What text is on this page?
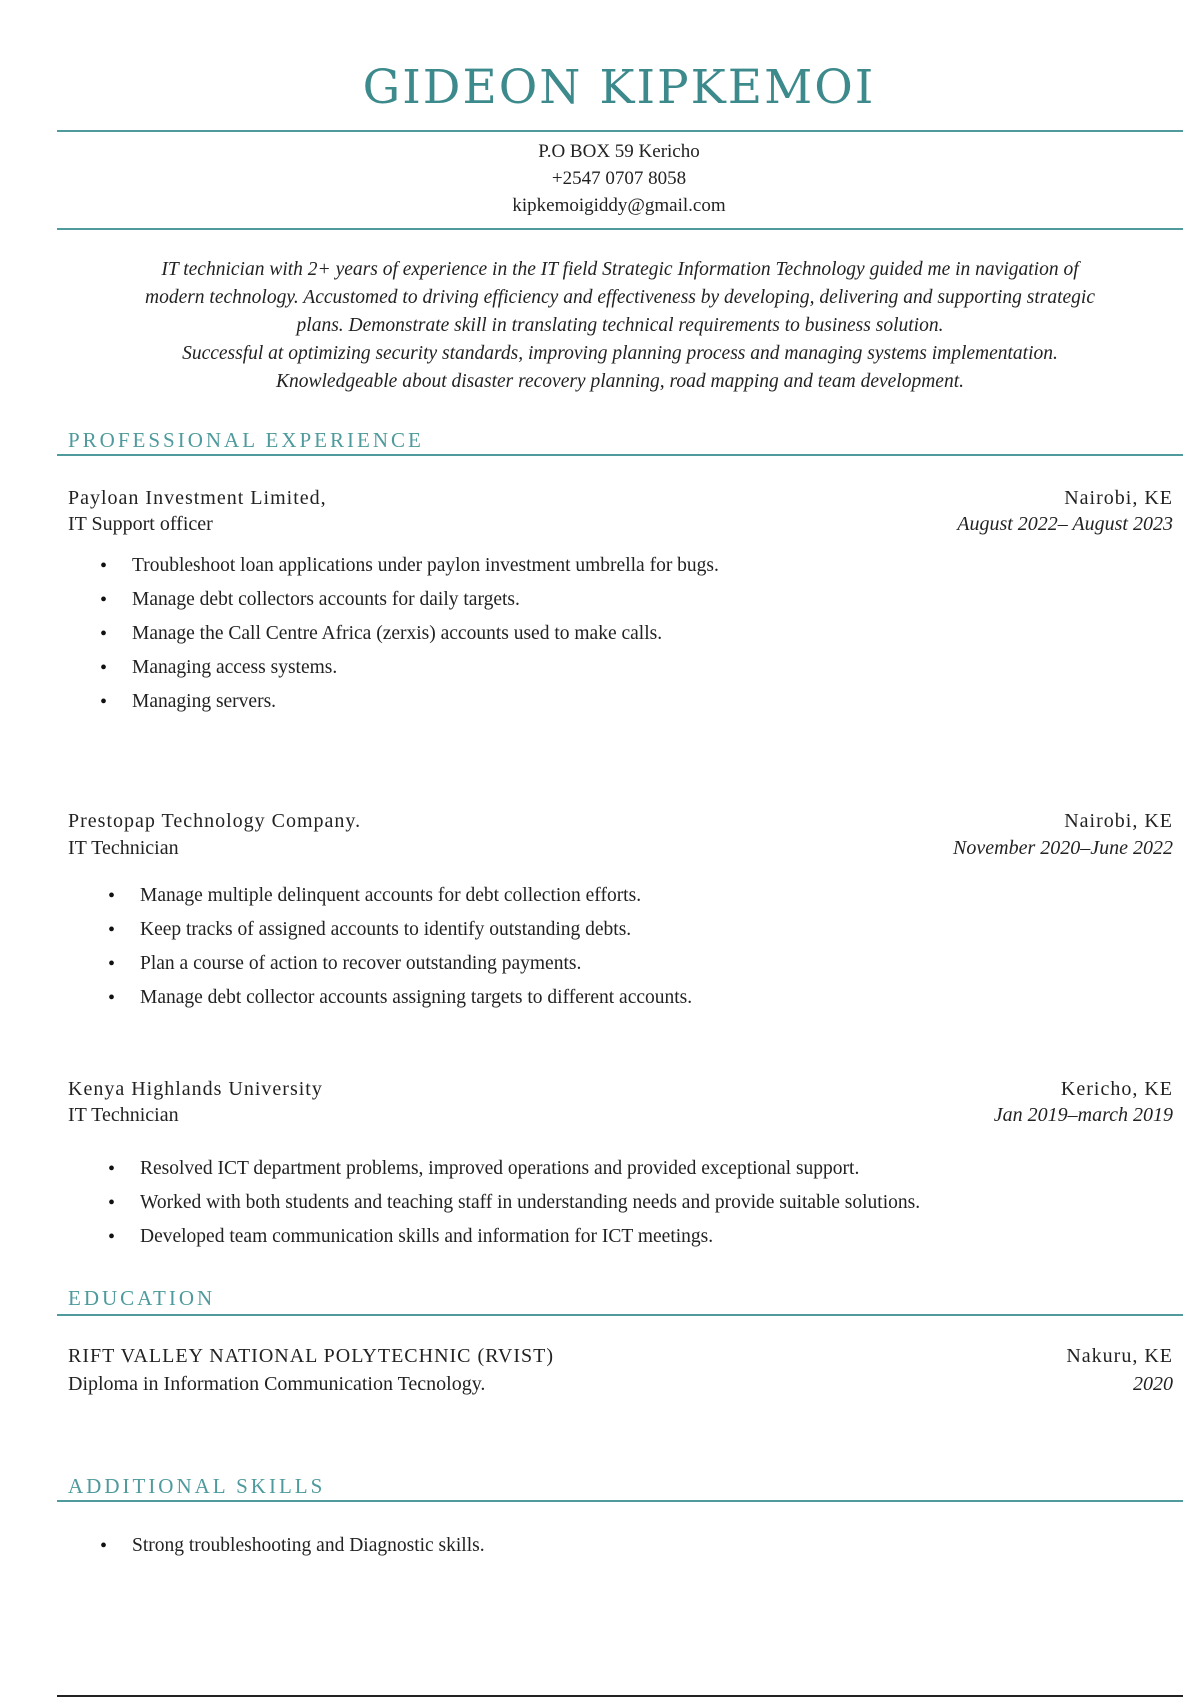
GIDEON KIPKEMOI
P.O BOX 59 Kericho
+2547 0707 8058
kipkemoigiddy@gmail.com
IT technician with 2+ years of experience in the IT field Strategic Information Technology guided me in navigation of
modern technology. Accustomed to driving efficiency and effectiveness by developing, delivering and supporting strategic
plans. Demonstrate skill in translating technical requirements to business solution.
Successful at optimizing security standards, improving planning process and managing systems implementation.
Knowledgeable about disaster recovery planning, road mapping and team development.
PROFESSIONAL EXPERIENCE
Payloan Investment Limited,	Nairobi, KE
IT Support officer	August 2022– August 2023
• Troubleshoot loan applications under paylon investment umbrella for bugs.
• Manage debt collectors accounts for daily targets.
• Manage the Call Centre Africa (zerxis) accounts used to make calls.
• Managing access systems.
• Managing servers.
Prestopap Technology Company.	Nairobi, KE
IT Technician	November 2020–June 2022
• Manage multiple delinquent accounts for debt collection efforts.
• Keep tracks of assigned accounts to identify outstanding debts.
• Plan a course of action to recover outstanding payments.
• Manage debt collector accounts assigning targets to different accounts.
Kenya Highlands University	Kericho, KE
IT Technician	Jan 2019–march 2019
• Resolved ICT department problems, improved operations and provided exceptional support.
• Worked with both students and teaching staff in understanding needs and provide suitable solutions.
• Developed team communication skills and information for ICT meetings.
EDUCATION
RIFT VALLEY NATIONAL POLYTECHNIC (RVIST)	Nakuru, KE
Diploma in Information Communication Tecnology.	2020
ADDITIONAL SKILLS
• Strong troubleshooting and Diagnostic skills.
